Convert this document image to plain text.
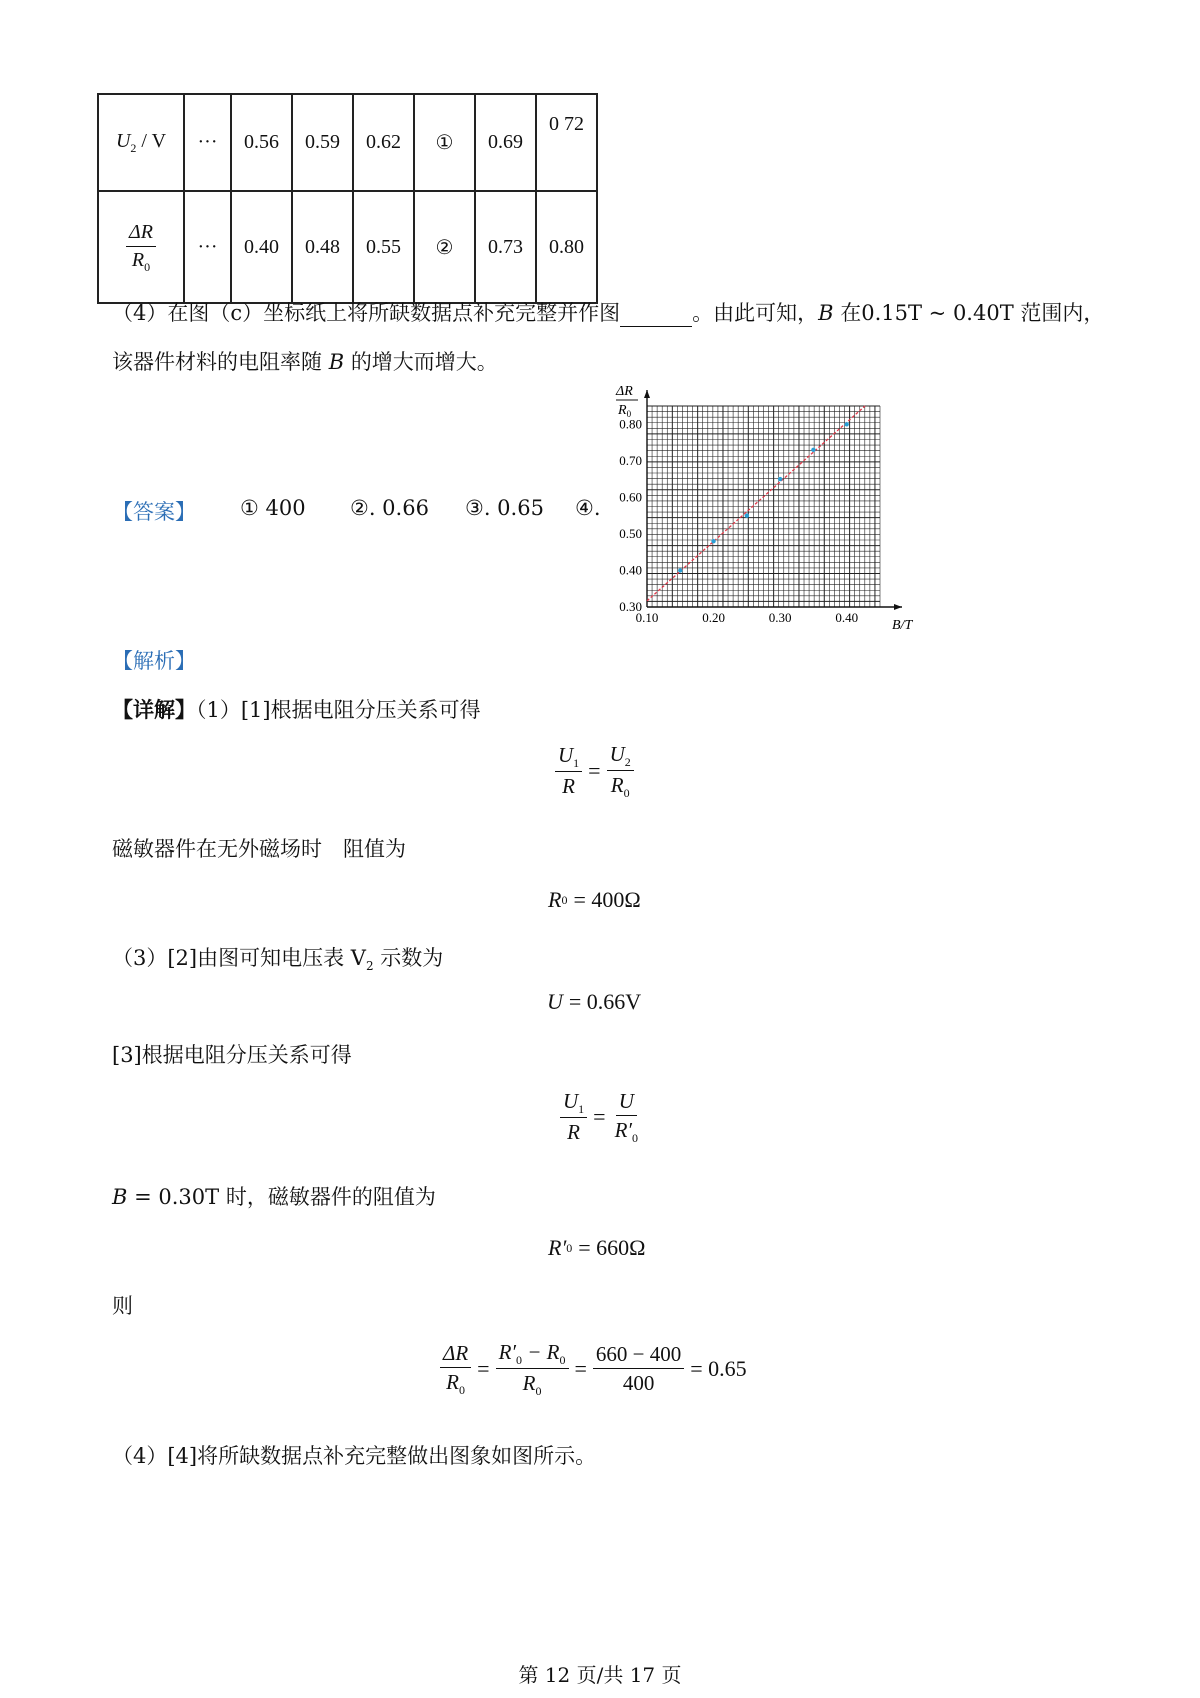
$U_2$ / V	···	0.56	0.59	0.62	①	0.69	0 72

$\frac{\Delta R}{R_0}$	···	0.40	0.48	0.55	②	0.73	0.80
（4）在图（c）坐标纸上将所缺数据点补充完整并作图	。由此可知，B 在0.15T ~ 0.40T 范围内，
该器件材料的电阻率随 B 的增大而增大。
【答案】 ① 400 ②. 0.66 ③. 0.65 ④.
0.10	0.20	0.30	0.40
0.30
0.40
0.50
0.60
0.70
0.80
ΔR
$R_0$
B/T
【解析】
【详解】（1）[1]根据电阻分压关系可得
$\frac{U_1}{R} = \frac{U_2}{R_0}$
磁敏器件在无外磁场时　阻值为
R 0 = 400Ω
（3）[2]由图可知电压表 $V_2$ 示数为
U = 0.66V
[3]根据电阻分压关系可得
$\frac{U_1}{R} = \frac{U}{R'_0}$
B = 0.30T 时，磁敏器件的阻值为
R′ 0 = 660Ω
则
$\frac{\Delta R}{R_0} = \frac{R'_0 - R_0}{R_0} = \frac{660 - 400}{400} = 0.65$
（4）[4]将所缺数据点补充完整做出图象如图所示。
第 12 页/共 17 页
